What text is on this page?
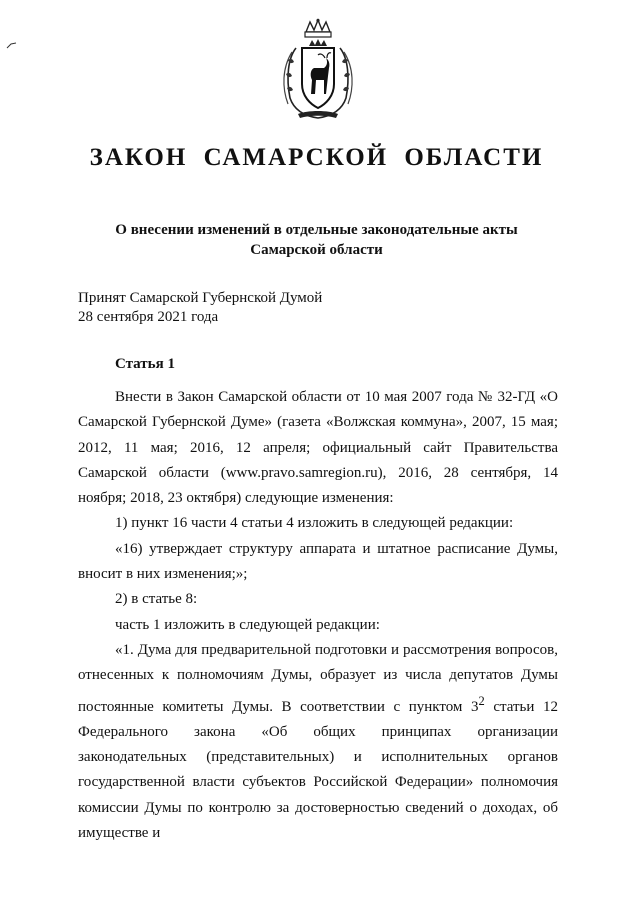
ЗАКОН САМАРСКОЙ ОБЛАСТИ
О внесении изменений в отдельные законодательные акты
Самарской области
Принят Самарской Губернской Думой
28 сентября 2021 года
Статья 1

Внести в Закон Самарской области от 10 мая 2007 года № 32-ГД «О Самарской Губернской Думе» (газета «Волжская коммуна», 2007, 15 мая; 2012, 11 мая; 2016, 12 апреля; официальный сайт Правительства Самарской области (www.pravo.samregion.ru), 2016, 28 сентября, 14 ноября; 2018, 23 октября) следующие изменения:

1) пункт 16 части 4 статьи 4 изложить в следующей редакции:

«16) утверждает структуру аппарата и штатное расписание Думы, вносит в них изменения;»;

2) в статье 8:

часть 1 изложить в следующей редакции:

«1. Дума для предварительной подготовки и рассмотрения вопросов, отнесенных к полномочиям Думы, образует из числа депутатов Думы постоянные комитеты Думы. В соответствии с пунктом $3^2$ статьи 12 Федерального закона «Об общих принципах организации законодательных (представительных) и исполнительных органов государственной власти субъектов Российской Федерации» полномочия комиссии Думы по контролю за достоверностью сведений о доходах, об имуществе и
